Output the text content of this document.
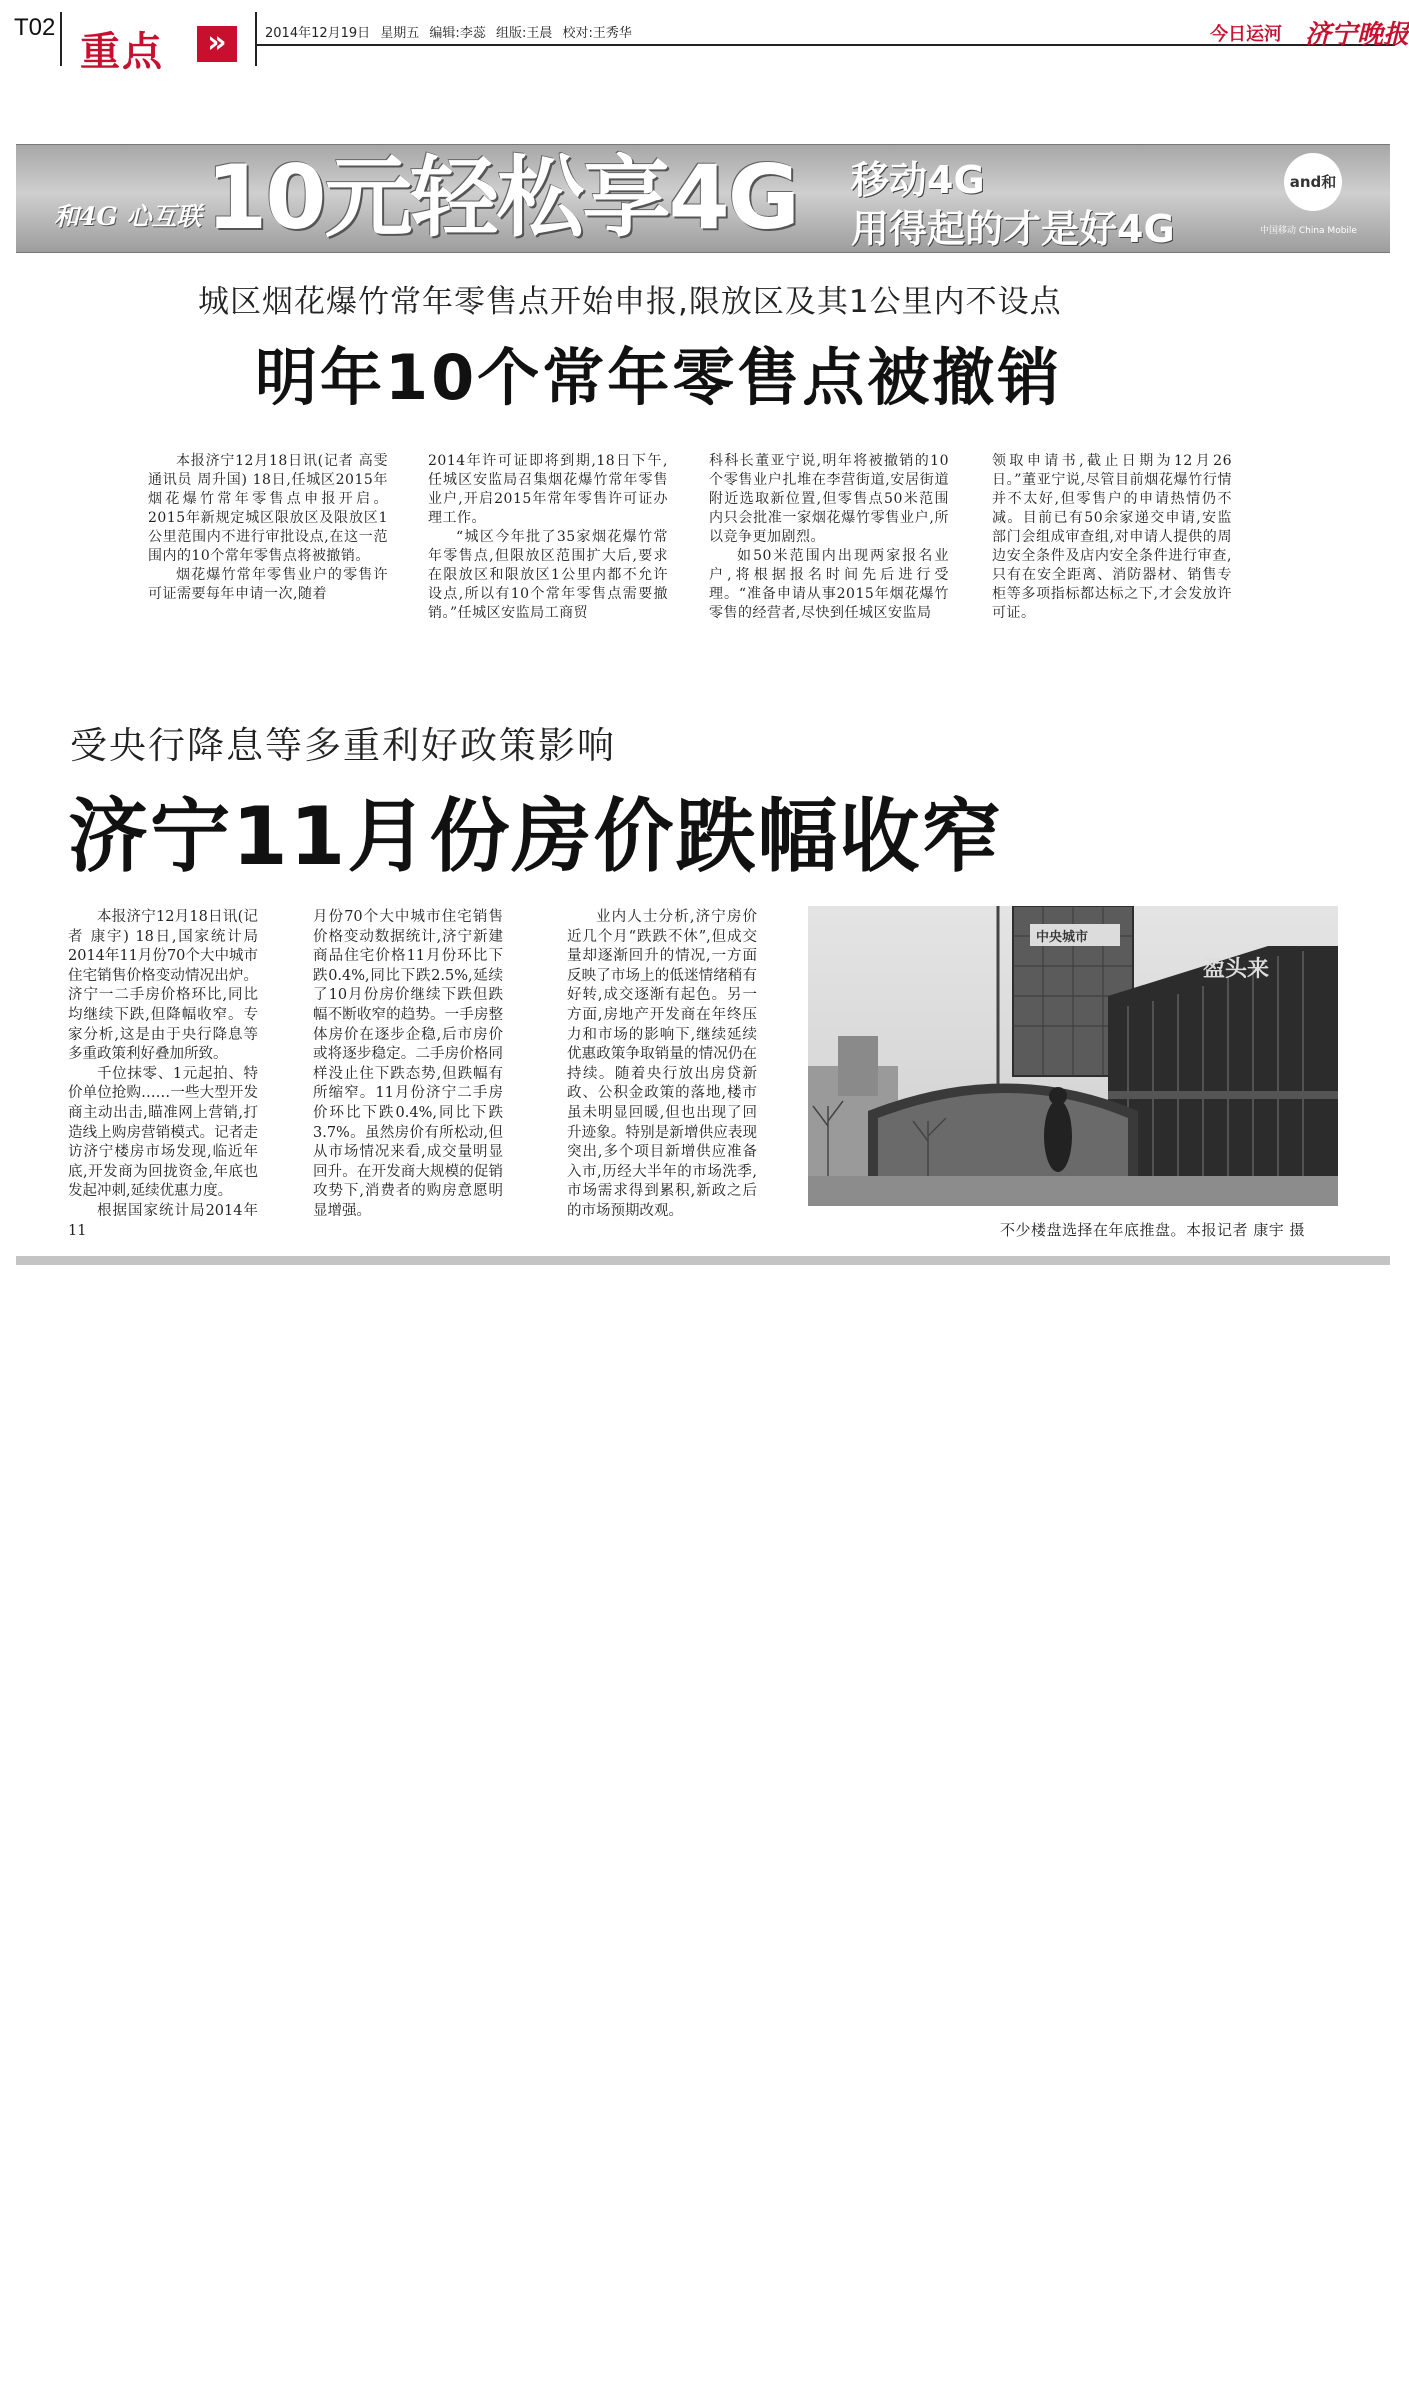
T02
重点	»	2014年12月19日 星期五 编辑:李蕊 组版:王晨 校对:王秀华	今日运河 济宁晚报
和4G 心互联 10元轻松享4G 移动4G
用得起的才是好4G
and和
中国移动 China Mobile
城区烟花爆竹常年零售点开始申报,限放区及其1公里内不设点
明年10个常年零售点被撤销

本报济宁12月18日讯(记者 高雯 通讯员 周升国) 18日,任城区2015年烟花爆竹常年零售点申报开启。2015年新规定城区限放区及限放区1公里范围内不进行审批设点,在这一范围内的10个常年零售点将被撤销。

烟花爆竹常年零售业户的零售许可证需要每年申请一次,随着

2014年许可证即将到期,18日下午,任城区安监局召集烟花爆竹常年零售业户,开启2015年常年零售许可证办理工作。

“城区今年批了35家烟花爆竹常年零售点,但限放区范围扩大后,要求在限放区和限放区1公里内都不允许设点,所以有10个常年零售点需要撤销。”任城区安监局工商贸

科科长董亚宁说,明年将被撤销的10个零售业户扎堆在李营街道,安居街道附近选取新位置,但零售点50米范围内只会批准一家烟花爆竹零售业户,所以竞争更加剧烈。

如50米范围内出现两家报名业户,将根据报名时间先后进行受理。“准备申请从事2015年烟花爆竹零售的经营者,尽快到任城区安监局

领取申请书,截止日期为12月26日。”董亚宁说,尽管目前烟花爆竹行情并不太好,但零售户的申请热情仍不减。目前已有50余家递交申请,安监部门会组成审查组,对申请人提供的周边安全条件及店内安全条件进行审查,只有在安全距离、消防器材、销售专柜等多项指标都达标之下,才会发放许可证。

受央行降息等多重利好政策影响
济宁11月份房价跌幅收窄

本报济宁12月18日讯(记者 康宇) 18日,国家统计局2014年11月份70个大中城市住宅销售价格变动情况出炉。济宁一二手房价格环比,同比均继续下跌,但降幅收窄。专家分析,这是由于央行降息等多重政策利好叠加所致。

千位抹零、1元起拍、特价单位抢购……一些大型开发商主动出击,瞄准网上营销,打造线上购房营销模式。记者走访济宁楼房市场发现,临近年底,开发商为回拢资金,年底也发起冲刺,延续优惠力度。

根据国家统计局2014年11

月份70个大中城市住宅销售价格变动数据统计,济宁新建商品住宅价格11月份环比下跌0.4%,同比下跌2.5%,延续了10月份房价继续下跌但跌幅不断收窄的趋势。一手房整体房价在逐步企稳,后市房价或将逐步稳定。二手房价格同样没止住下跌态势,但跌幅有所缩窄。11月份济宁二手房价环比下跌0.4%,同比下跌3.7%。虽然房价有所松动,但从市场情况来看,成交量明显回升。在开发商大规模的促销攻势下,消费者的购房意愿明显增强。

业内人士分析,济宁房价近几个月“跌跌不休”,但成交量却逐渐回升的情况,一方面反映了市场上的低迷情绪稍有好转,成交逐渐有起色。另一方面,房地产开发商在年终压力和市场的影响下,继续延续优惠政策争取销量的情况仍在持续。随着央行放出房贷新政、公积金政策的落地,楼市虽未明显回暖,但也出现了回升迹象。特别是新增供应表现突出,多个项目新增供应准备入市,历经大半年的市场洗季,市场需求得到累积,新政之后的市场预期改观。

盈头来
中央城市
不少楼盘选择在年底推盘。本报记者 康宇 摄
